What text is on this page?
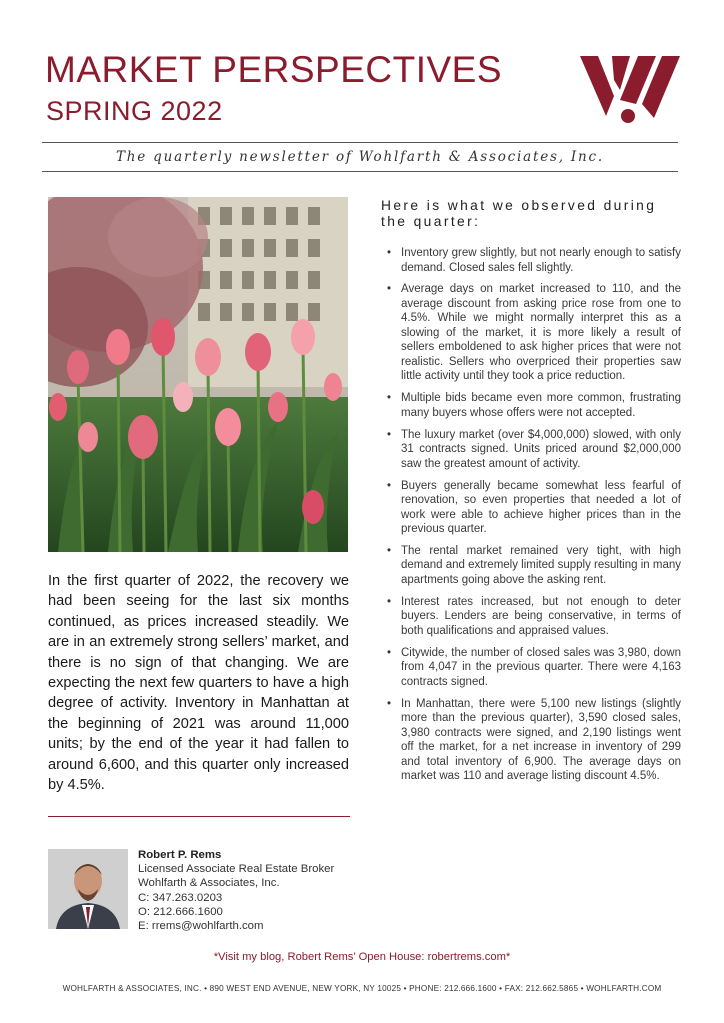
MARKET PERSPECTIVES
SPRING 2022
The quarterly newsletter of Wohlfarth & Associates, Inc.
In the first quarter of 2022, the recovery we had been seeing for the last six months continued, as prices increased steadily. We are in an extremely strong sellers’ market, and there is no sign of that changing. We are expecting the next few quarters to have a high degree of activity. Inventory in Manhattan at the beginning of 2021 was around 11,000 units; by the end of the year it had fallen to around 6,600, and this quarter only increased by 4.5%.
Robert P. Rems
Licensed Associate Real Estate Broker
Wohlfarth & Associates, Inc.
C: 347.263.0203
O: 212.666.1600
E: rrems@wohlfarth.com
Here is what we observed during the quarter:
• Inventory grew slightly, but not nearly enough to satisfy demand. Closed sales fell slightly.
• Average days on market increased to 110, and the average discount from asking price rose from one to 4.5%. While we might normally interpret this as a slowing of the market, it is more likely a result of sellers emboldened to ask higher prices that were not realistic. Sellers who overpriced their properties saw little activity until they took a price reduction.
• Multiple bids became even more common, frustrating many buyers whose offers were not accepted.
• The luxury market (over $4,000,000) slowed, with only 31 contracts signed. Units priced around $2,000,000 saw the greatest amount of activity.
• Buyers generally became somewhat less fearful of renovation, so even properties that needed a lot of work were able to achieve higher prices than in the previous quarter.
• The rental market remained very tight, with high demand and extremely limited supply resulting in many apartments going above the asking rent.
• Interest rates increased, but not enough to deter buyers. Lenders are being conservative, in terms of both qualifications and appraised values.
• Citywide, the number of closed sales was 3,980, down from 4,047 in the previous quarter. There were 4,163 contracts signed.
• In Manhattan, there were 5,100 new listings (slightly more than the previous quarter), 3,590 closed sales, 3,980 contracts were signed, and 2,190 listings went off the market, for a net increase in inventory of 299 and total inventory of 6,900. The average days on market was 110 and average listing discount 4.5%.
*Visit my blog, Robert Rems’ Open House: robertrems.com*
WOHLFARTH & ASSOCIATES, INC. • 890 WEST END AVENUE, NEW YORK, NY 10025 • PHONE: 212.666.1600 • FAX: 212.662.5865 • WOHLFARTH.COM
